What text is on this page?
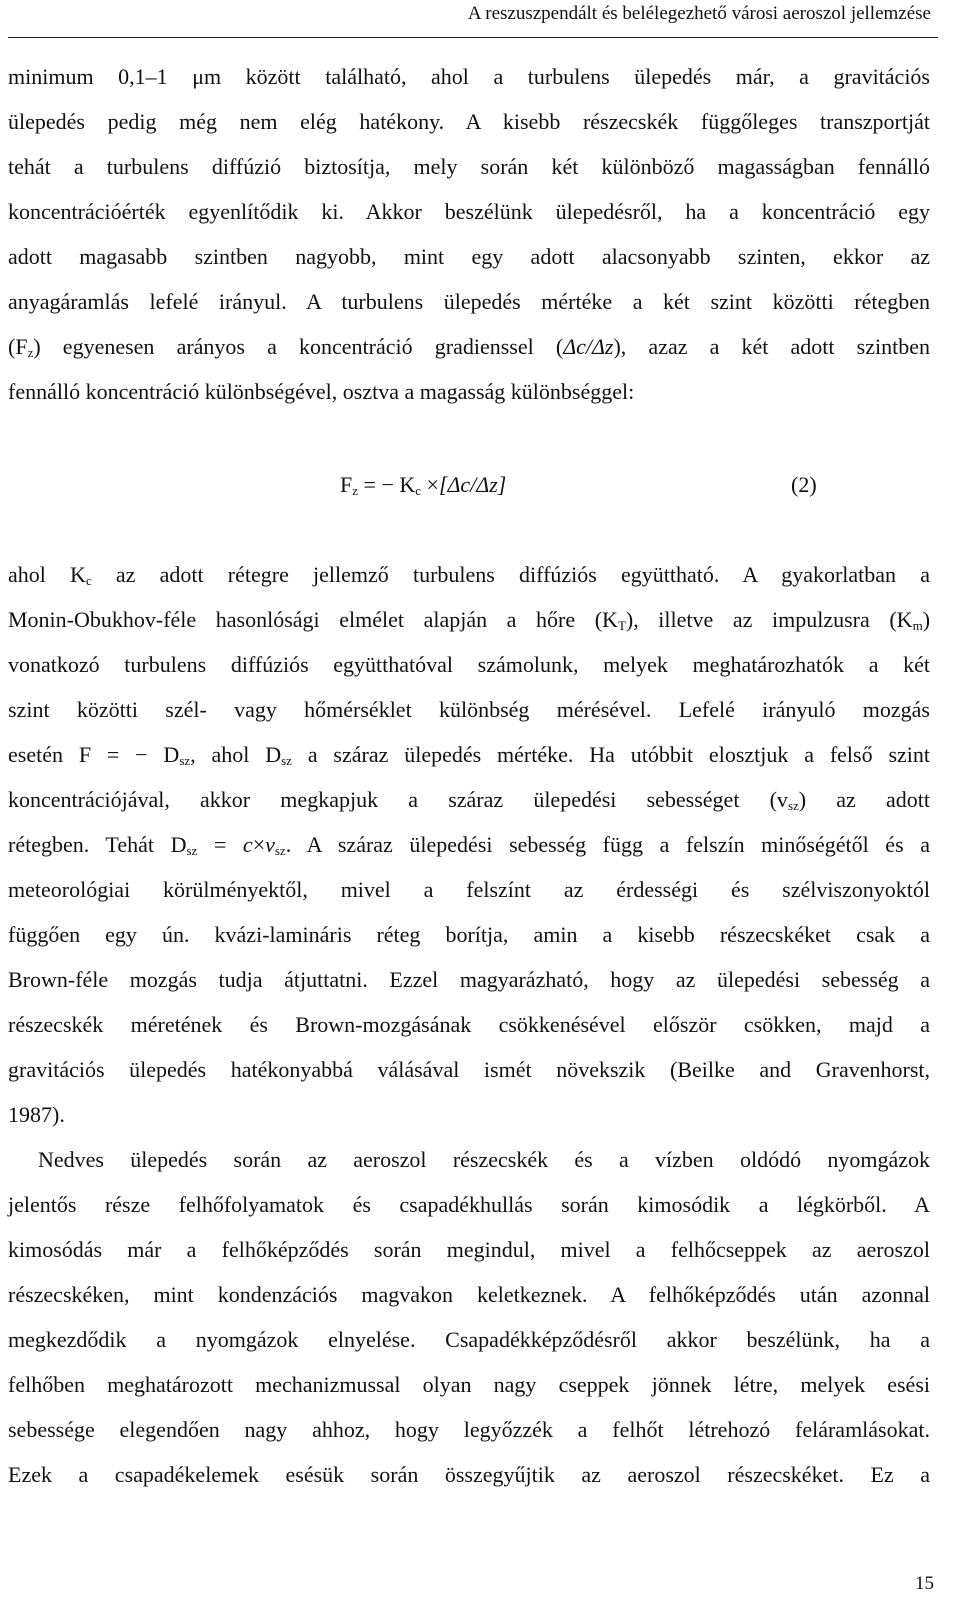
A reszuszpendált és belélegezhető városi aeroszol jellemzése
minimum 0,1–1 μm között található, ahol a turbulens ülepedés már, a gravitációs
ülepedés pedig még nem elég hatékony. A kisebb részecskék függőleges transzportját
tehát a turbulens diffúzió biztosítja, mely során két különböző magasságban fennálló
koncentrációérték egyenlítődik ki. Akkor beszélünk ülepedésről, ha a koncentráció egy
adott magasabb szintben nagyobb, mint egy adott alacsonyabb szinten, ekkor az
anyagáramlás lefelé irányul. A turbulens ülepedés mértéke a két szint közötti rétegben
$(F_z)$ egyenesen arányos a koncentráció gradienssel (Δc/Δz), azaz a két adott szintben
fennálló koncentráció különbségével, osztva a magasság különbséggel:
$F_z$ = − $K_c \times[\Delta c/\Delta z]$	(2)
ahol $K_c$ az adott rétegre jellemző turbulens diffúziós együttható. A gyakorlatban a
Monin-Obukhov-féle hasonlósági elmélet alapján a hőre $(K_T)$, illetve az impulzusra $(K_m)$
vonatkozó turbulens diffúziós együtthatóval számolunk, melyek meghatározhatók a két
szint közötti szél- vagy hőmérséklet különbség mérésével. Lefelé irányuló mozgás
esetén F = − $D_{sz}$, ahol $D_{sz}$ a száraz ülepedés mértéke. Ha utóbbit elosztjuk a felső szint
koncentrációjával, akkor megkapjuk a száraz ülepedési sebességet $(v_{sz})$ az adott
rétegben. Tehát $D_{sz} = c\times v_{sz}$. A száraz ülepedési sebesség függ a felszín minőségétől és a
meteorológiai körülményektől, mivel a felszínt az érdességi és szélviszonyoktól
függően egy ún. kvázi-lamináris réteg borítja, amin a kisebb részecskéket csak a
Brown-féle mozgás tudja átjuttatni. Ezzel magyarázható, hogy az ülepedési sebesség a
részecskék méretének és Brown-mozgásának csökkenésével először csökken, majd a
gravitációs ülepedés hatékonyabbá válásával ismét növekszik (Beilke and Gravenhorst,
1987).
Nedves ülepedés során az aeroszol részecskék és a vízben oldódó nyomgázok
jelentős része felhőfolyamatok és csapadékhullás során kimosódik a légkörből. A
kimosódás már a felhőképződés során megindul, mivel a felhőcseppek az aeroszol
részecskéken, mint kondenzációs magvakon keletkeznek. A felhőképződés után azonnal
megkezdődik a nyomgázok elnyelése. Csapadékképződésről akkor beszélünk, ha a
felhőben meghatározott mechanizmussal olyan nagy cseppek jönnek létre, melyek esési
sebessége elegendően nagy ahhoz, hogy legyőzzék a felhőt létrehozó feláramlásokat.
Ezek a csapadékelemek esésük során összegyűjtik az aeroszol részecskéket. Ez a
15
